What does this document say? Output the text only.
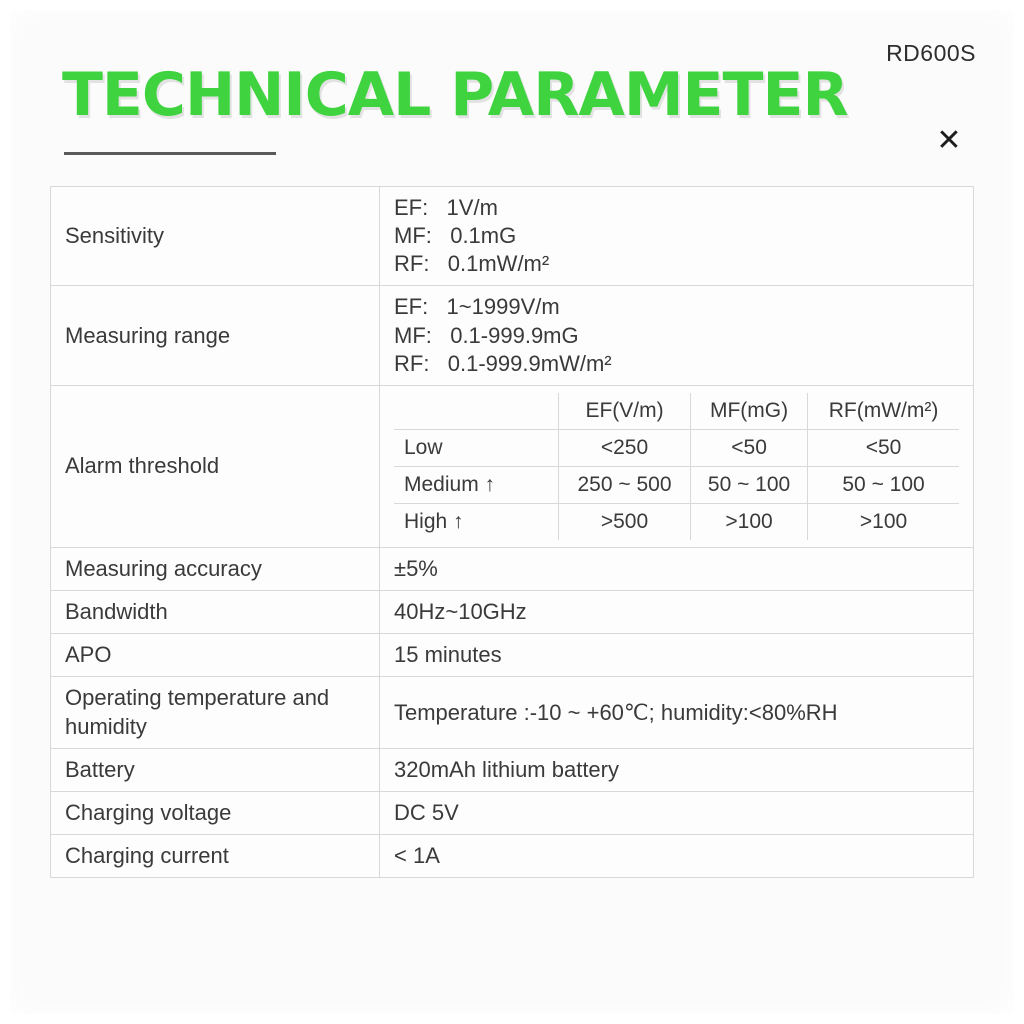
RD600S
✕
TECHNICAL PARAMETER
Sensitivity	
EF:   1V/m
MF:   0.1mG
RF:   0.1mW/m²

Measuring range	
EF:   1~1999V/m
MF:   0.1-999.9mG
RF:   0.1-999.9mW/m²

Alarm threshold	
	EF(V/m)	MF(mG)	RF(mW/m²)
Low	<250	<50	<50
Medium ↑	250 ~ 500	50 ~ 100	50 ~ 100
High ↑	>500	>100	>100

Measuring accuracy	±5%
Bandwidth	40Hz~10GHz
APO	15 minutes
Operating temperature and humidity	Temperature :-10 ~ +60℃; humidity:<80%RH
Battery	320mAh lithium battery
Charging voltage	DC 5V
Charging current	< 1A
